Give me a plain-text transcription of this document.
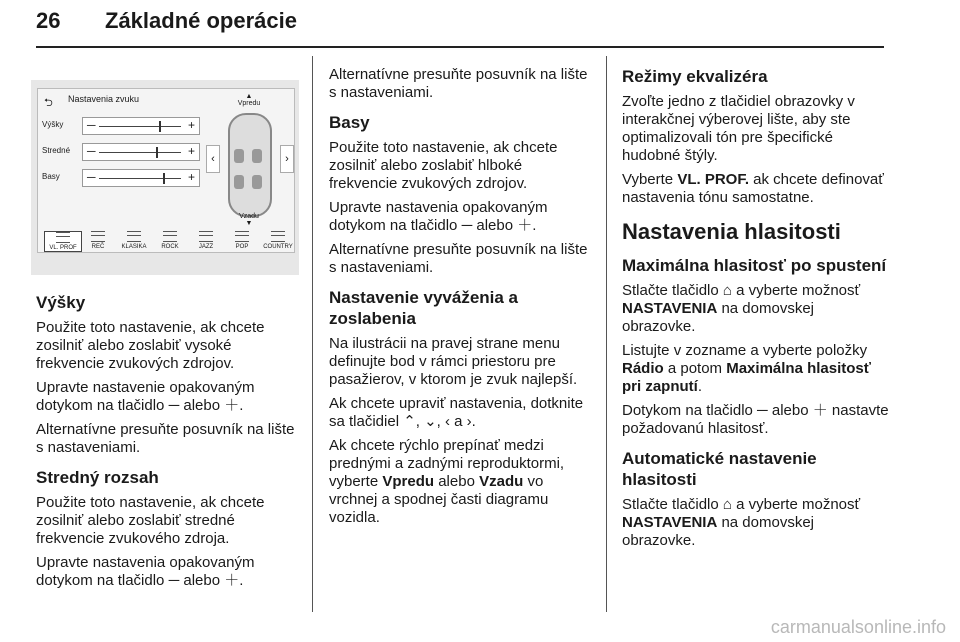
26 Základné operácie
⮌ Nastavenia zvuku
Výšky ─	+
Stredné ─	+
Basy ─	+
▲
Vpredu
‹	›
Vzadu
▼
VL. PROF	REČ	KLASIKA	ROCK	JAZZ	POP	COUNTRY
Výšky

Použite toto nastavenie, ak chcete zosilniť alebo zoslabiť vysoké frekvencie zvukových zdrojov.

Upravte nastavenie opakovaným dotykom na tlačidlo ─ alebo ＋.

Alternatívne presuňte posuvník na lište s nastaveniami.

Stredný rozsah

Použite toto nastavenie, ak chcete zosilniť alebo zoslabiť stredné frekvencie zvukového zdroja.

Upravte nastavenia opakovaným dotykom na tlačidlo ─ alebo ＋.

Alternatívne presuňte posuvník na lište s nastaveniami.

Basy

Použite toto nastavenie, ak chcete zosilniť alebo zoslabiť hlboké frekvencie zvukových zdrojov.

Upravte nastavenia opakovaným dotykom na tlačidlo ─ alebo ＋.

Alternatívne presuňte posuvník na lište s nastaveniami.

Nastavenie vyváženia a zoslabenia

Na ilustrácii na pravej strane menu definujte bod v rámci priestoru pre pasažierov, v ktorom je zvuk najlepší.

Ak chcete upraviť nastavenia, dotknite sa tlačidiel ⌃, ⌄, ‹ a ›.

Ak chcete rýchlo prepínať medzi prednými a zadnými reproduktormi, vyberte Vpredu alebo Vzadu vo vrchnej a spodnej časti diagramu vozidla.

Režimy ekvalizéra

Zvoľte jedno z tlačidiel obrazovky v interakčnej výberovej lište, aby ste optimalizovali tón pre špecifické hudobné štýly.

Vyberte VL. PROF. ak chcete definovať nastavenia tónu samostatne.

Nastavenia hlasitosti
Maximálna hlasitosť po spustení

Stlačte tlačidlo ⌂ a vyberte možnosť NASTAVENIA na domovskej obrazovke.

Listujte v zozname a vyberte položky Rádio a potom Maximálna hlasitosť pri zapnutí.

Dotykom na tlačidlo ─ alebo ＋ nastavte požadovanú hlasitosť.

Automatické nastavenie hlasitosti

Stlačte tlačidlo ⌂ a vyberte možnosť NASTAVENIA na domovskej obrazovke.

carmanualsonline.info
